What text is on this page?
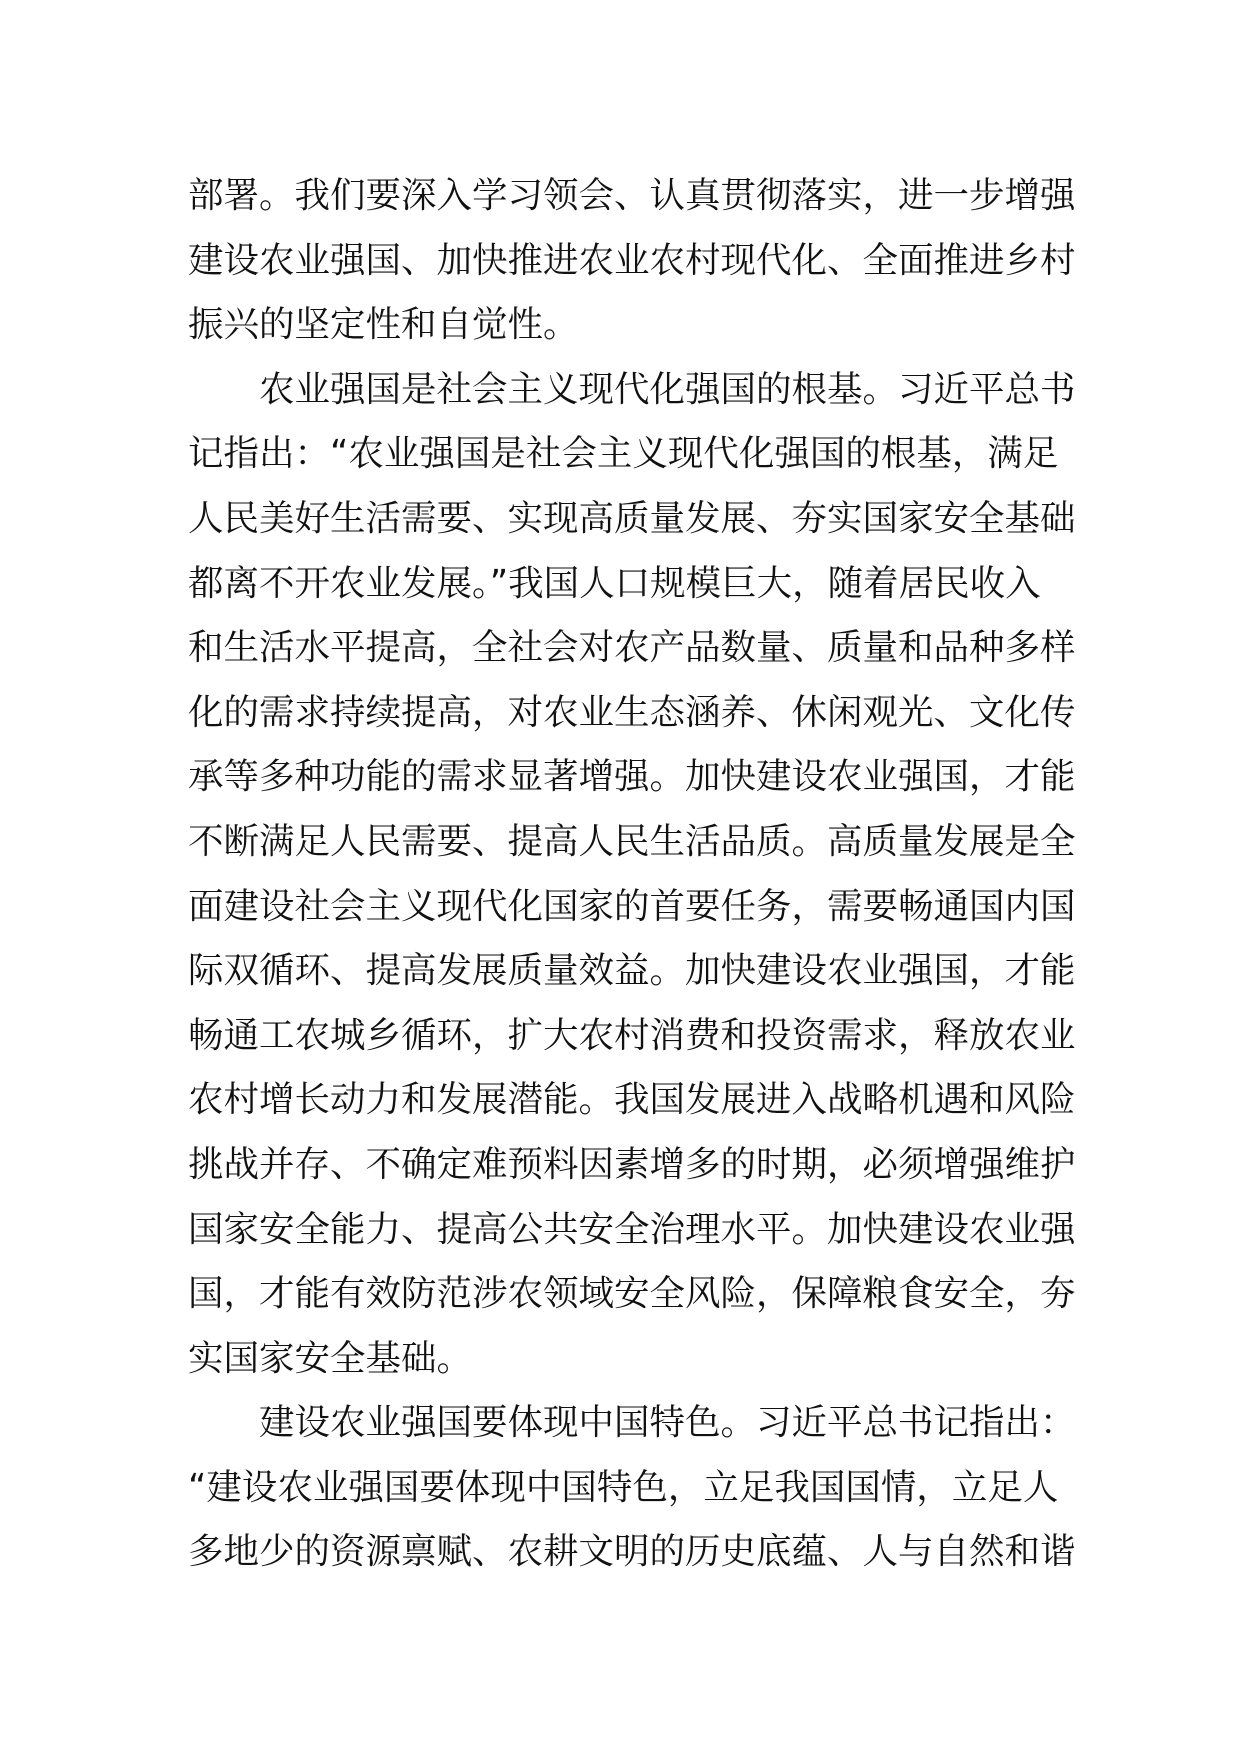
部署。我们要深入学习领会、认真贯彻落实，进一步增强
建设农业强国、加快推进农业农村现代化、全面推进乡村
振兴的坚定性和自觉性。
　　农业强国是社会主义现代化强国的根基。习近平总书
记指出：“农业强国是社会主义现代化强国的根基，满足
人民美好生活需要、实现高质量发展、夯实国家安全基础
都离不开农业发展。”我国人口规模巨大，随着居民收入
和生活水平提高，全社会对农产品数量、质量和品种多样
化的需求持续提高，对农业生态涵养、休闲观光、文化传
承等多种功能的需求显著增强。加快建设农业强国，才能
不断满足人民需要、提高人民生活品质。高质量发展是全
面建设社会主义现代化国家的首要任务，需要畅通国内国
际双循环、提高发展质量效益。加快建设农业强国，才能
畅通工农城乡循环，扩大农村消费和投资需求，释放农业
农村增长动力和发展潜能。我国发展进入战略机遇和风险
挑战并存、不确定难预料因素增多的时期，必须增强维护
国家安全能力、提高公共安全治理水平。加快建设农业强
国，才能有效防范涉农领域安全风险，保障粮食安全，夯
实国家安全基础。
　　建设农业强国要体现中国特色。习近平总书记指出：
“建设农业强国要体现中国特色，立足我国国情，立足人
多地少的资源禀赋、农耕文明的历史底蕴、人与自然和谐
